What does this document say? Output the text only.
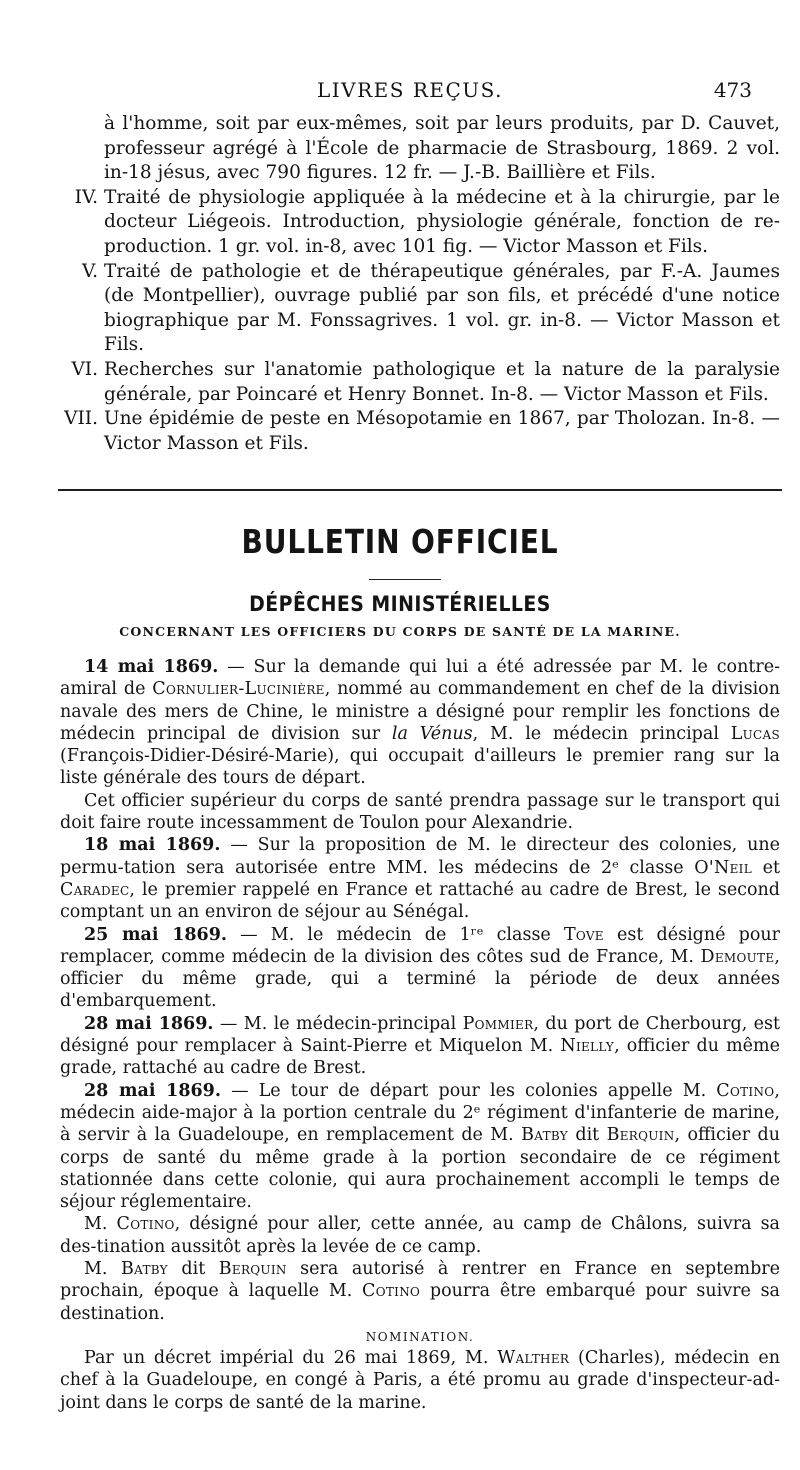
LIVRES REÇUS.	473
à l'homme, soit par eux-mêmes, soit par leurs produits, par D. Cauvet, professeur agrégé à l'École de pharmacie de Strasbourg, 1869. 2 vol. in-18 jésus, avec 790 figures. 12 fr. — J.-B. Baillière et Fils.
IV. Traité de physiologie appliquée à la médecine et à la chirurgie, par le docteur Liégeois. Introduction, physiologie générale, fonction de re-production. 1 gr. vol. in-8, avec 101 fig. — Victor Masson et Fils.
V. Traité de pathologie et de thérapeutique générales, par F.-A. Jaumes (de Montpellier), ouvrage publié par son fils, et précédé d'une notice biographique par M. Fonssagrives. 1 vol. gr. in-8. — Victor Masson et Fils.
VI. Recherches sur l'anatomie pathologique et la nature de la paralysie générale, par Poincaré et Henry Bonnet. In-8. — Victor Masson et Fils.
VII. Une épidémie de peste en Mésopotamie en 1867, par Tholozan. In-8. — Victor Masson et Fils.
BULLETIN OFFICIEL
DÉPÊCHES MINISTÉRIELLES
CONCERNANT LES OFFICIERS DU CORPS DE SANTÉ DE LA MARINE.

14 mai 1869. — Sur la demande qui lui a été adressée par M. le contre-amiral de Cornulier-Lucinière, nommé au commandement en chef de la division navale des mers de Chine, le ministre a désigné pour remplir les fonctions de médecin principal de division sur la Vénus, M. le médecin principal Lucas (François-Didier-Désiré-Marie), qui occupait d'ailleurs le premier rang sur la liste générale des tours de départ.

Cet officier supérieur du corps de santé prendra passage sur le transport qui doit faire route incessamment de Toulon pour Alexandrie.

18 mai 1869. — Sur la proposition de M. le directeur des colonies, une permu-tation sera autorisée entre MM. les médecins de 2ᵉ classe O'Neil et Caradec, le premier rappelé en France et rattaché au cadre de Brest, le second comptant un an environ de séjour au Sénégal.

25 mai 1869. — M. le médecin de 1ʳᵉ classe Tove est désigné pour remplacer, comme médecin de la division des côtes sud de France, M. Demoute, officier du même grade, qui a terminé la période de deux années d'embarquement.

28 mai 1869. — M. le médecin-principal Pommier, du port de Cherbourg, est désigné pour remplacer à Saint-Pierre et Miquelon M. Nielly, officier du même grade, rattaché au cadre de Brest.

28 mai 1869. — Le tour de départ pour les colonies appelle M. Cotino, médecin aide-major à la portion centrale du 2ᵉ régiment d'infanterie de marine, à servir à la Guadeloupe, en remplacement de M. Batby dit Berquin, officier du corps de santé du même grade à la portion secondaire de ce régiment stationnée dans cette colonie, qui aura prochainement accompli le temps de séjour réglementaire.

M. Cotino, désigné pour aller, cette année, au camp de Châlons, suivra sa des-tination aussitôt après la levée de ce camp.

M. Batby dit Berquin sera autorisé à rentrer en France en septembre prochain, époque à laquelle M. Cotino pourra être embarqué pour suivre sa destination.

NOMINATION.

Par un décret impérial du 26 mai 1869, M. Walther (Charles), médecin en chef à la Guadeloupe, en congé à Paris, a été promu au grade d'inspecteur-ad-joint dans le corps de santé de la marine.
